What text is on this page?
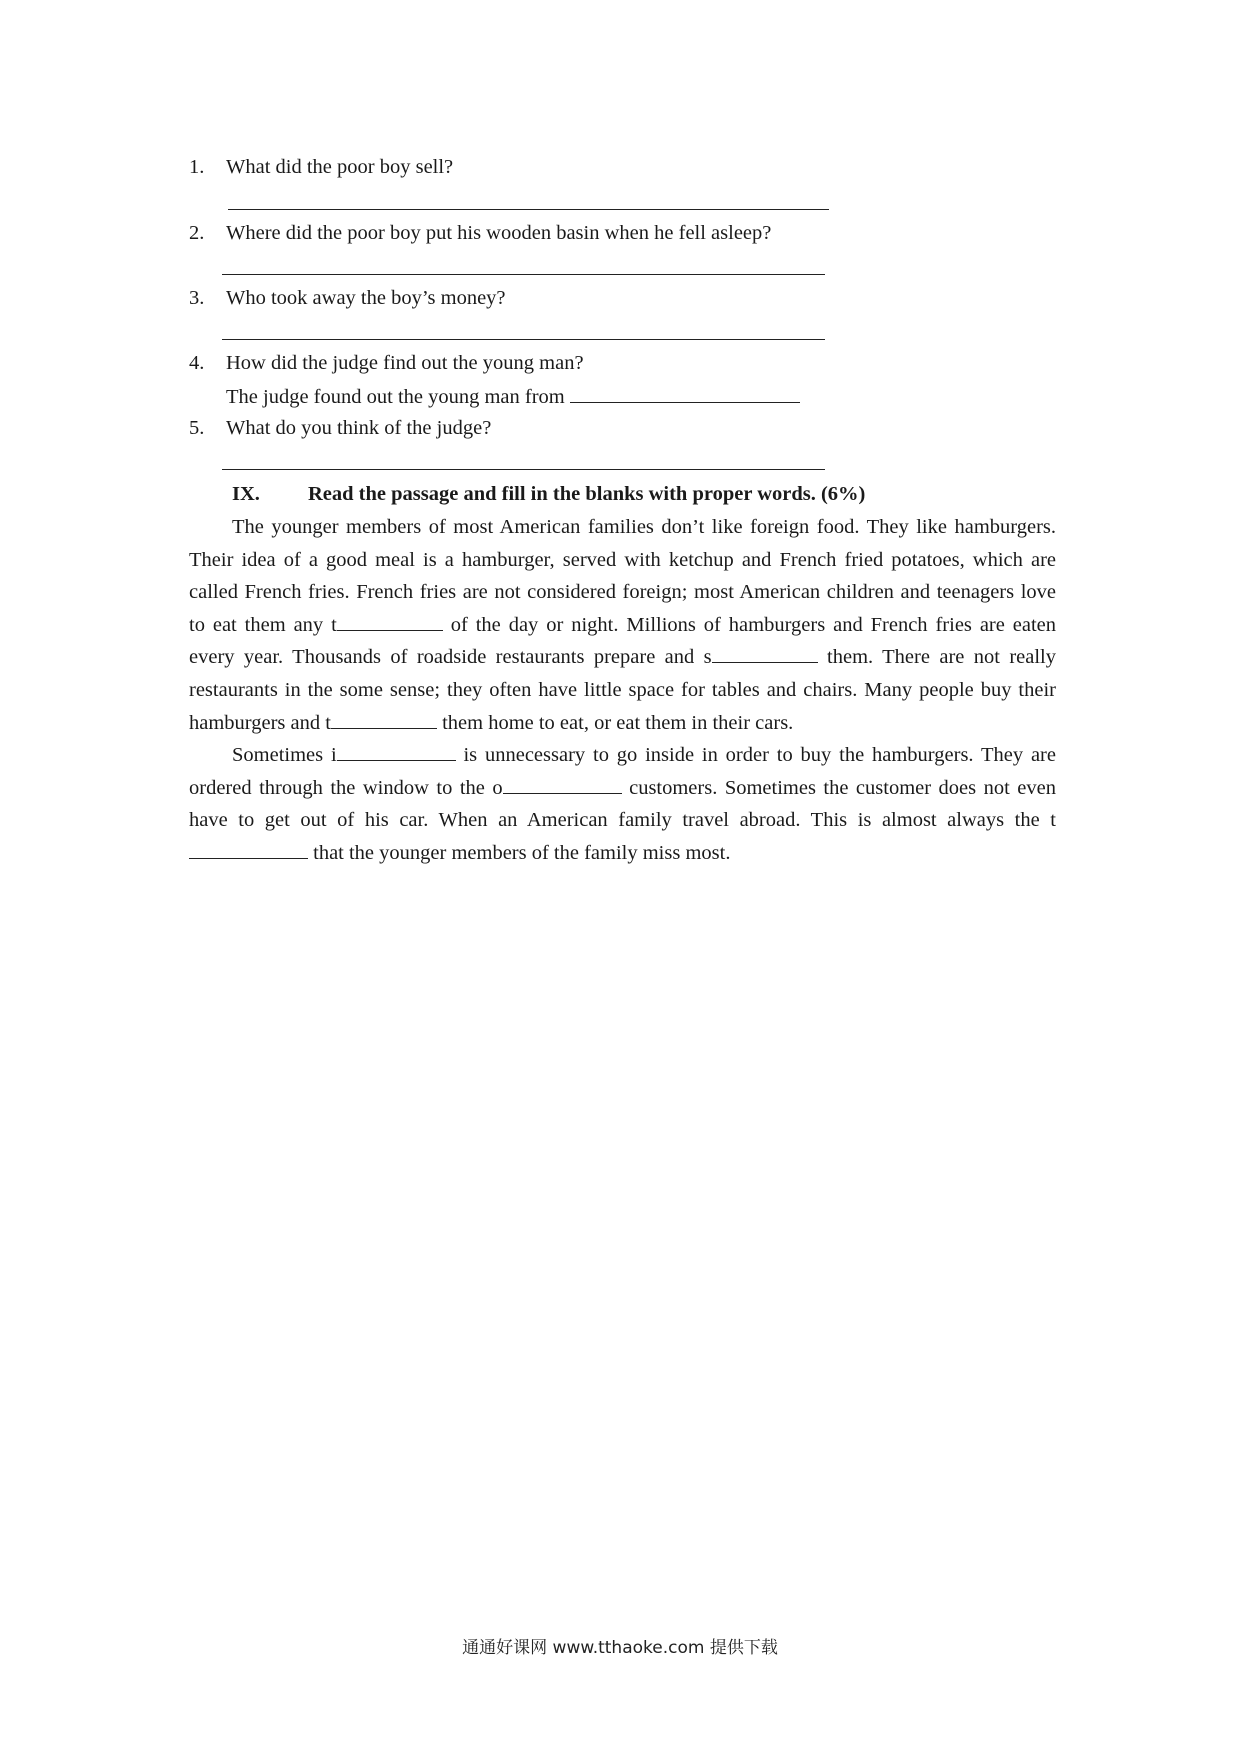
1. What did the poor boy sell?
2. Where did the poor boy put his wooden basin when he fell asleep?
3. Who took away the boy’s money?
4. How did the judge find out the young man?
The judge found out the young man from
5. What do you think of the judge?
IX. Read the passage and fill in the blanks with proper words. (6%)

The younger members of most American families don’t like foreign food. They like hamburgers. Their idea of a good meal is a hamburger, served with ketchup and French fried potatoes, which are called French fries. French fries are not considered foreign; most American children and teenagers love to eat them any t	of the day or night. Millions of hamburgers and French fries are eaten every year. Thousands of roadside restaurants prepare and s	them. There are not really restaurants in the some sense; they often have little space for tables and chairs. Many people buy their hamburgers and t	them home to eat, or eat them in their cars.

Sometimes i	is unnecessary to go inside in order to buy the hamburgers. They are ordered through the window to the o	customers. Sometimes the customer does not even have to get out of his car. When an American family travel abroad. This is almost always the t that the younger members of the family miss most.

通通好课网 www.tthaoke.com 提供下载
